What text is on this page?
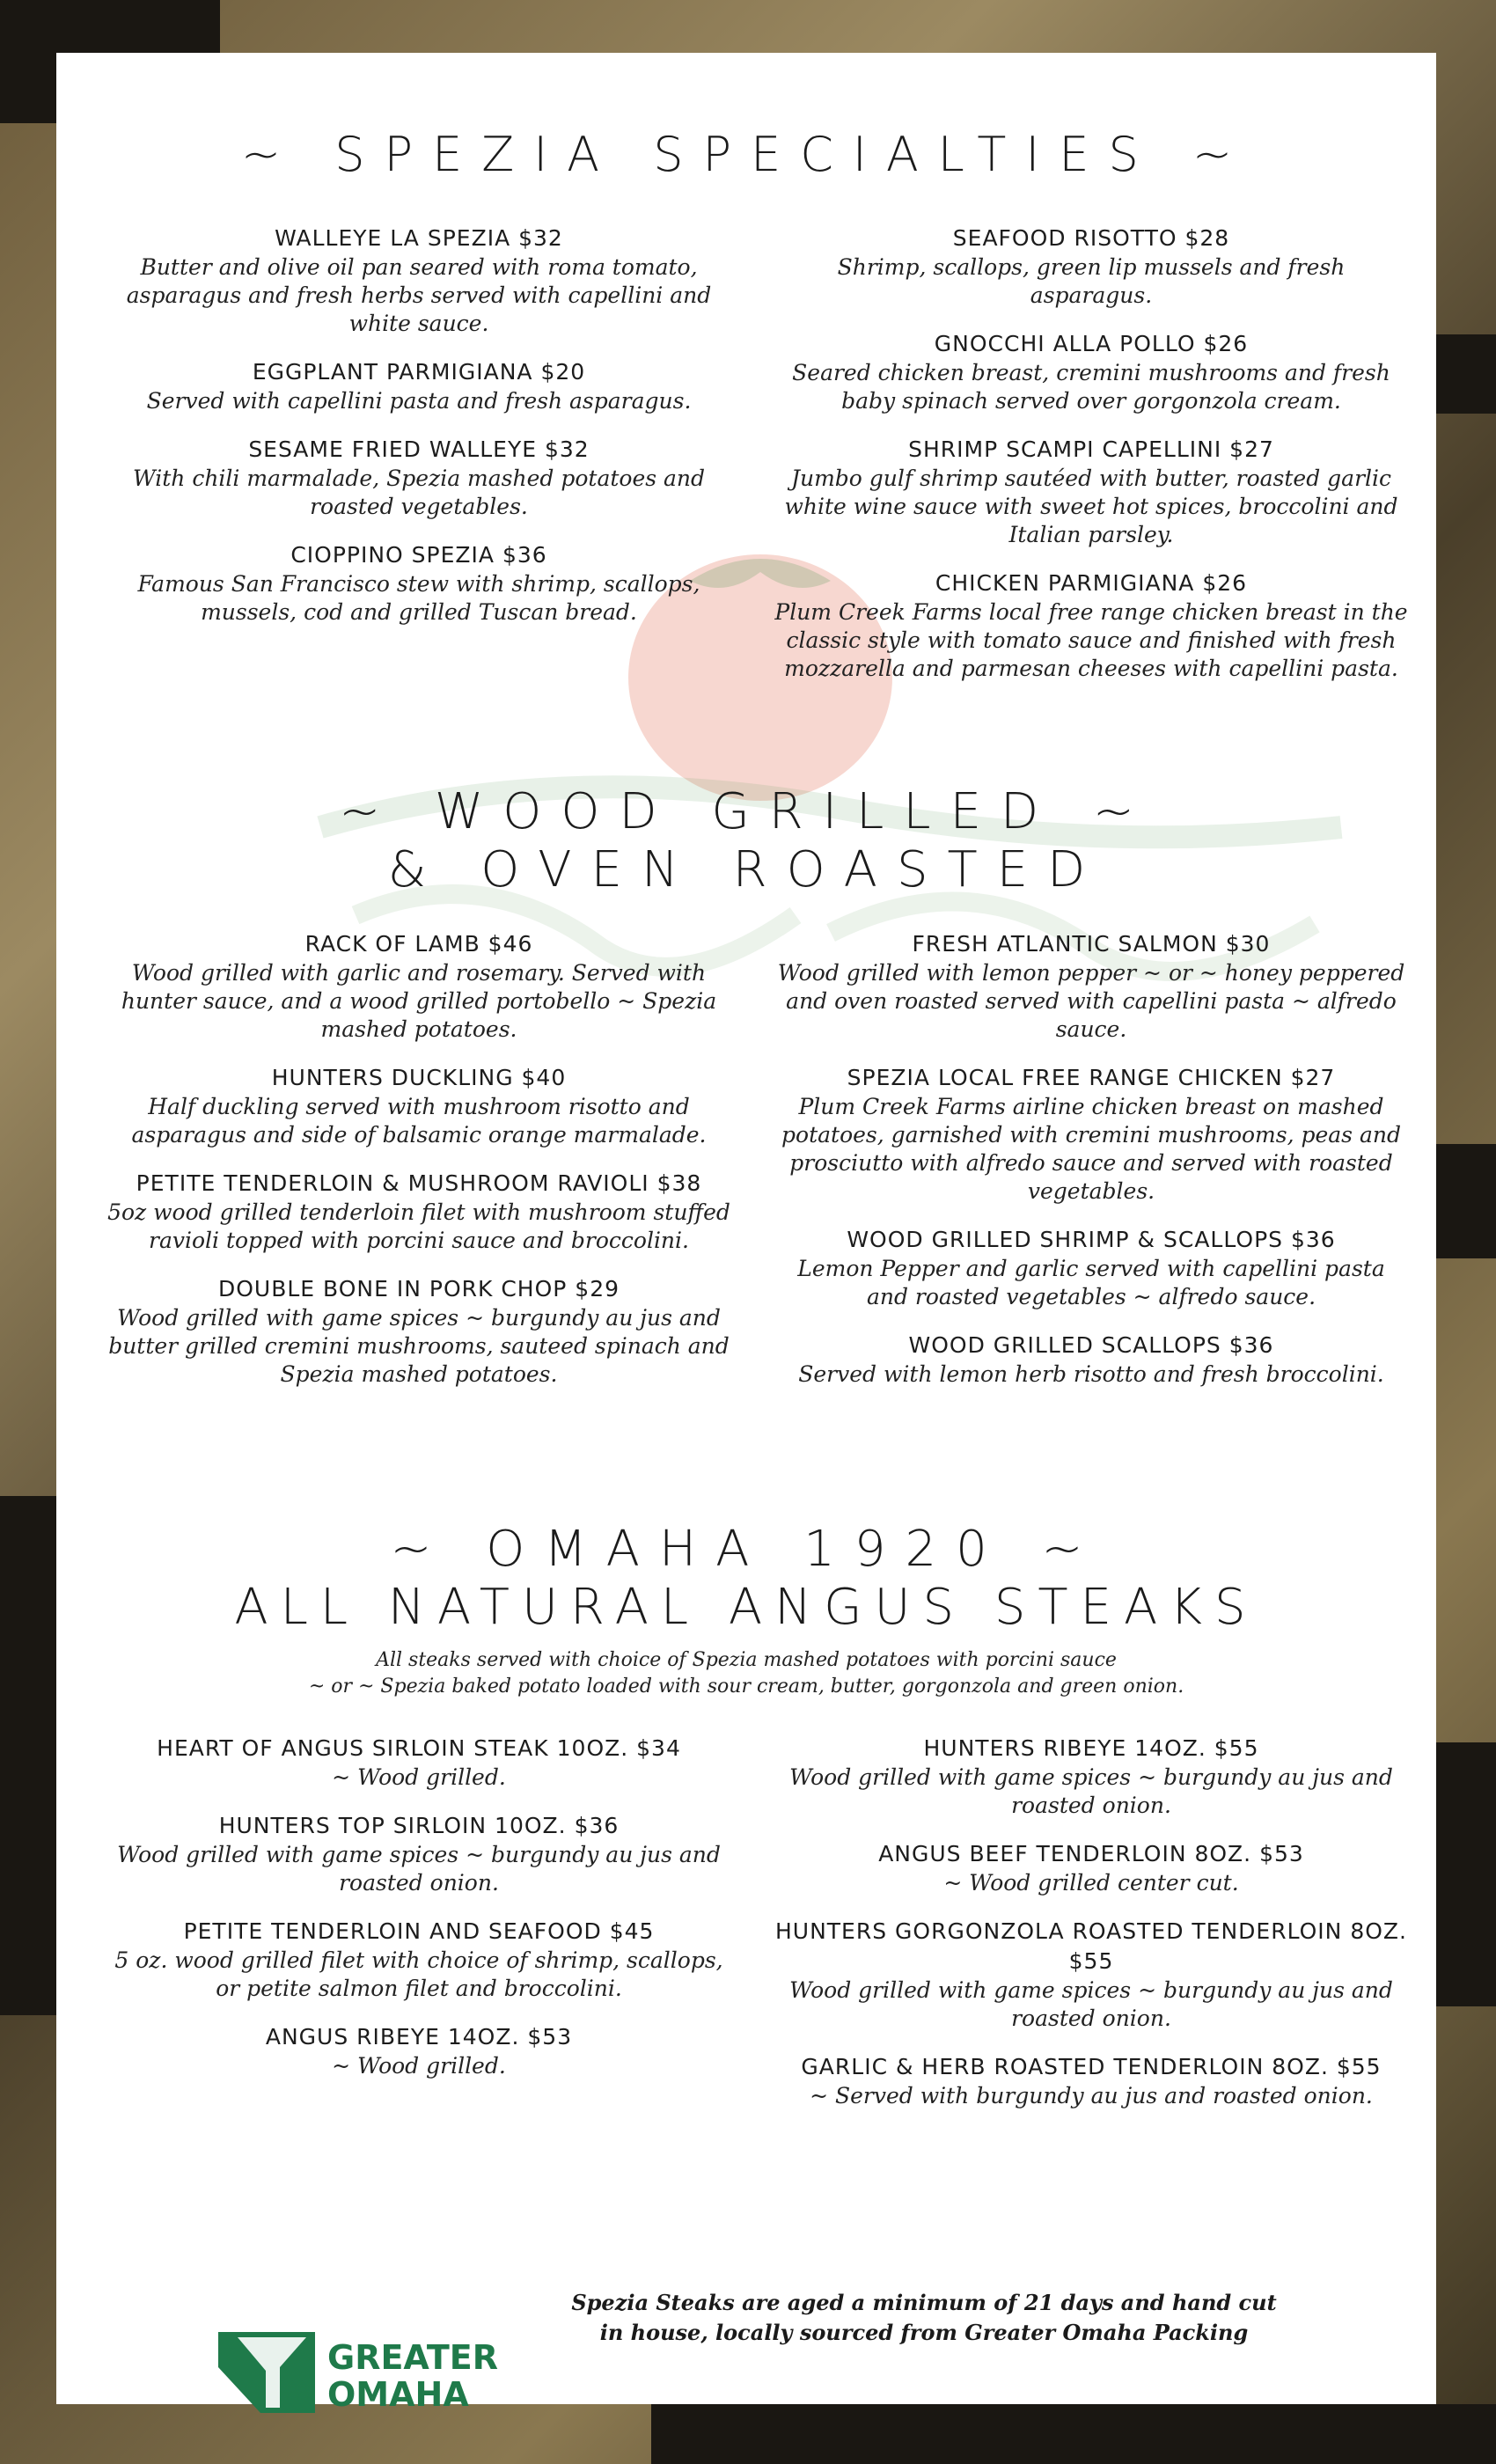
~ SPEZIA SPECIALTIES ~
WALLEYE LA SPEZIA $32
Butter and olive oil pan seared with roma tomato, asparagus and fresh herbs served with capellini and white sauce.
EGGPLANT PARMIGIANA $20
Served with capellini pasta and fresh asparagus.
SESAME FRIED WALLEYE $32
With chili marmalade, Spezia mashed potatoes and roasted vegetables.
CIOPPINO SPEZIA $36
Famous San Francisco stew with shrimp, scallops, mussels, cod and grilled Tuscan bread.
SEAFOOD RISOTTO $28
Shrimp, scallops, green lip mussels and fresh asparagus.
GNOCCHI ALLA POLLO $26
Seared chicken breast, cremini mushrooms and fresh baby spinach served over gorgonzola cream.
SHRIMP SCAMPI CAPELLINI $27
Jumbo gulf shrimp sautéed with butter, roasted garlic white wine sauce with sweet hot spices, broccolini and Italian parsley.
CHICKEN PARMIGIANA $26
Plum Creek Farms local free range chicken breast in the classic style with tomato sauce and finished with fresh mozzarella and parmesan cheeses with capellini pasta.
~ WOOD GRILLED ~
& OVEN ROASTED
RACK OF LAMB $46
Wood grilled with garlic and rosemary. Served with hunter sauce, and a wood grilled portobello ~ Spezia mashed potatoes.
HUNTERS DUCKLING $40
Half duckling served with mushroom risotto and asparagus and side of balsamic orange marmalade.
PETITE TENDERLOIN & MUSHROOM RAVIOLI $38
5oz wood grilled tenderloin filet with mushroom stuffed ravioli topped with porcini sauce and broccolini.
DOUBLE BONE IN PORK CHOP $29
Wood grilled with game spices ~ burgundy au jus and butter grilled cremini mushrooms, sauteed spinach and Spezia mashed potatoes.
FRESH ATLANTIC SALMON $30
Wood grilled with lemon pepper ~ or ~ honey peppered and oven roasted served with capellini pasta ~ alfredo sauce.
SPEZIA LOCAL FREE RANGE CHICKEN $27
Plum Creek Farms airline chicken breast on mashed potatoes, garnished with cremini mushrooms, peas and prosciutto with alfredo sauce and served with roasted vegetables.
WOOD GRILLED SHRIMP & SCALLOPS $36
Lemon Pepper and garlic served with capellini pasta and roasted vegetables ~ alfredo sauce.
WOOD GRILLED SCALLOPS $36
Served with lemon herb risotto and fresh broccolini.
~ OMAHA 1920 ~
ALL NATURAL ANGUS STEAKS
All steaks served with choice of Spezia mashed potatoes with porcini sauce
~ or ~ Spezia baked potato loaded with sour cream, butter, gorgonzola and green onion.
HEART OF ANGUS SIRLOIN STEAK 10OZ. $34
~ Wood grilled.
HUNTERS TOP SIRLOIN 10OZ. $36
Wood grilled with game spices ~ burgundy au jus and roasted onion.
PETITE TENDERLOIN AND SEAFOOD $45
5 oz. wood grilled filet with choice of shrimp, scallops, or petite salmon filet and broccolini.
ANGUS RIBEYE 14OZ. $53
~ Wood grilled.
HUNTERS RIBEYE 14OZ. $55
Wood grilled with game spices ~ burgundy au jus and roasted onion.
ANGUS BEEF TENDERLOIN 8OZ. $53
~ Wood grilled center cut.
HUNTERS GORGONZOLA ROASTED TENDERLOIN 8OZ. $55
Wood grilled with game spices ~ burgundy au jus and roasted onion.
GARLIC & HERB ROASTED TENDERLOIN 8OZ. $55
~ Served with burgundy au jus and roasted onion.
GREATER
OMAHA
Spezia Steaks are aged a minimum of 21 days and hand cut in house, locally sourced from Greater Omaha Packing
